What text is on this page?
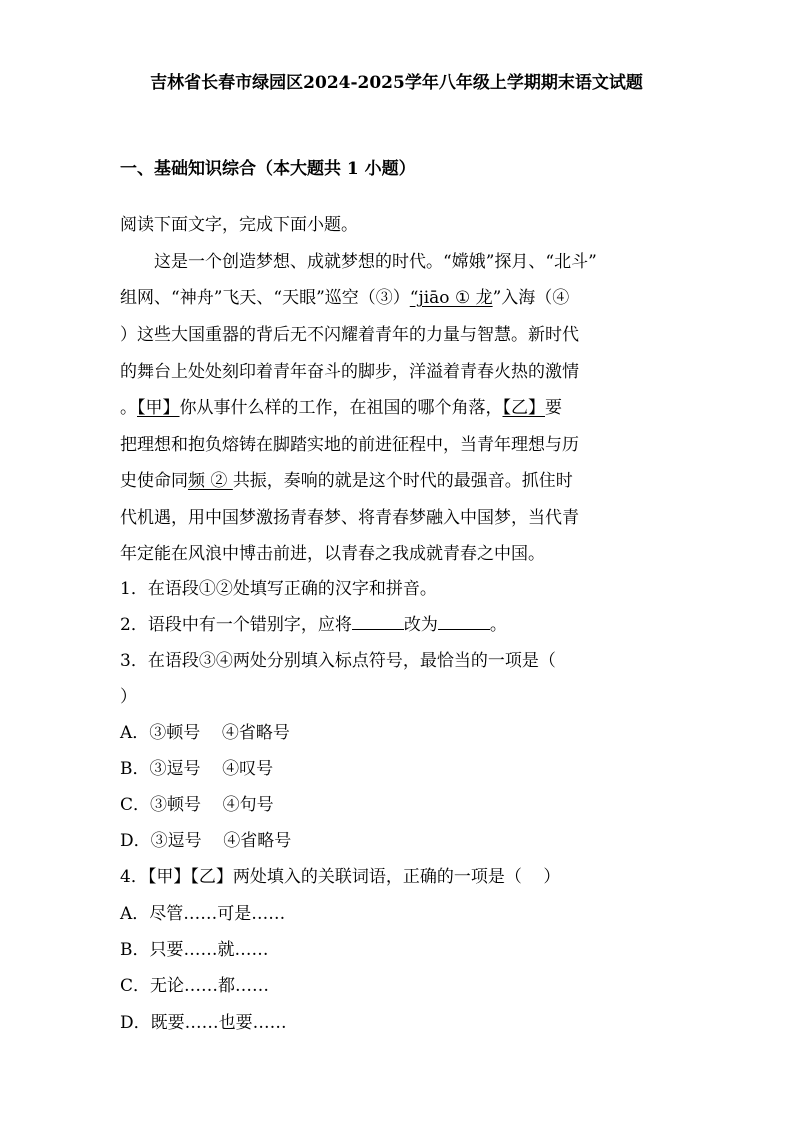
吉林省长春市绿园区2024-2025学年八年级上学期期末语文试题
一、基础知识综合（本大题共 1 小题）
阅读下面文字，完成下面小题。
这是一个创造梦想、成就梦想的时代。“嫦娥”探月、“北斗”
组网、“神舟”飞天、“天眼”巡空（③）“jiāo ① 龙”入海（④
）这些大国重器的背后无不闪耀着青年的力量与智慧。新时代
的舞台上处处刻印着青年奋斗的脚步，洋溢着青春火热的激情
。【甲】你从事什么样的工作，在祖国的哪个角落，【乙】要
把理想和抱负熔铸在脚踏实地的前进征程中，当青年理想与历
史使命同频 ② 共振，奏响的就是这个时代的最强音。抓住时
代机遇，用中国梦激扬青春梦、将青春梦融入中国梦，当代青
年定能在风浪中博击前进，以青春之我成就青春之中国。
1．在语段①②处填写正确的汉字和拼音。
2．语段中有一个错别字，应将	改为	。
3．在语段③④两处分别填入标点符号，最恰当的一项是（
）
A．③顿号    ④省略号
B．③逗号    ④叹号
C．③顿号    ④句号
D．③逗号    ④省略号
4．【甲】【乙】两处填入的关联词语，正确的一项是（    ）
A．尽管……可是……
B．只要……就……
C．无论……都……
D．既要……也要……
